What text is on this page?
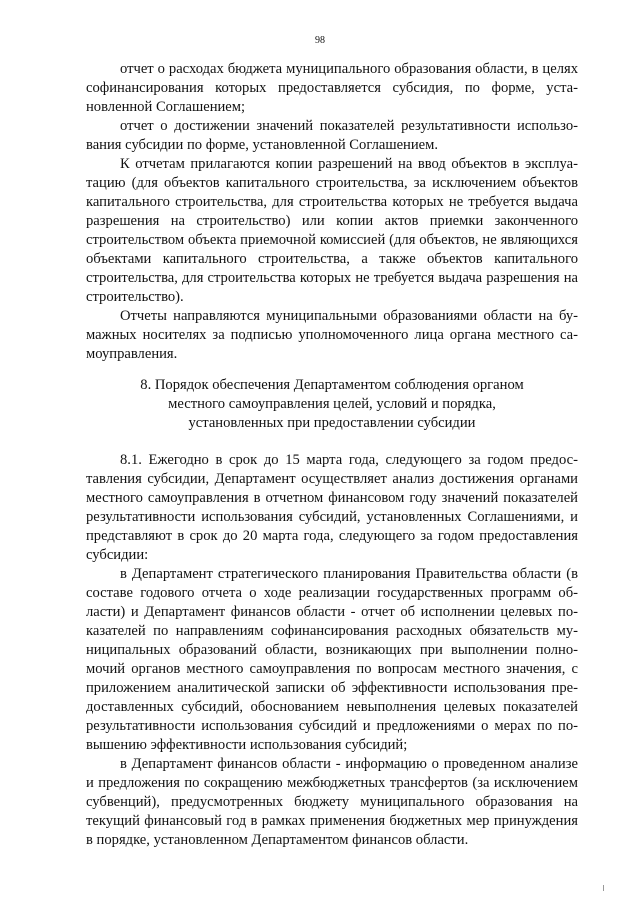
98

отчет о расходах бюджета муниципального образования области, в целях софинансирования которых предоставляется субсидия, по форме, установленной Соглашением;

отчет о достижении значений показателей результативности использования субсидии по форме, установленной Соглашением.

К отчетам прилагаются копии разрешений на ввод объектов в эксплуатацию (для объектов капитального строительства, за исключением объектов капитального строительства, для строительства которых не требуется выдача разрешения на строительство) или копии актов приемки законченного строительством объекта приемочной комиссией (для объектов, не являющихся объектами капитального строительства, а также объектов капитального строительства, для строительства которых не требуется выдача разрешения на строительство).

Отчеты направляются муниципальными образованиями области на бумажных носителях за подписью уполномоченного лица органа местного самоуправления.

8. Порядок обеспечения Департаментом соблюдения органом
местного самоуправления целей, условий и порядка,
установленных при предоставлении субсидии

8.1. Ежегодно в срок до 15 марта года, следующего за годом предоставления субсидии, Департамент осуществляет анализ достижения органами местного самоуправления в отчетном финансовом году значений показателей результативности использования субсидий, установленных Соглашениями, и представляют в срок до 20 марта года, следующего за годом предоставления субсидии:

в Департамент стратегического планирования Правительства области (в составе годового отчета о ходе реализации государственных программ области) и Департамент финансов области - отчет об исполнении целевых показателей по направлениям софинансирования расходных обязательств муниципальных образований области, возникающих при выполнении полномочий органов местного самоуправления по вопросам местного значения, с приложением аналитической записки об эффективности использования предоставленных субсидий, обоснованием невыполнения целевых показателей результативности использования субсидий и предложениями о мерах по повышению эффективности использования субсидий;

в Департамент финансов области - информацию о проведенном анализе и предложения по сокращению межбюджетных трансфертов (за исключением субвенций), предусмотренных бюджету муниципального образования на текущий финансовый год в рамках применения бюджетных мер принуждения в порядке, установленном Департаментом финансов области.
